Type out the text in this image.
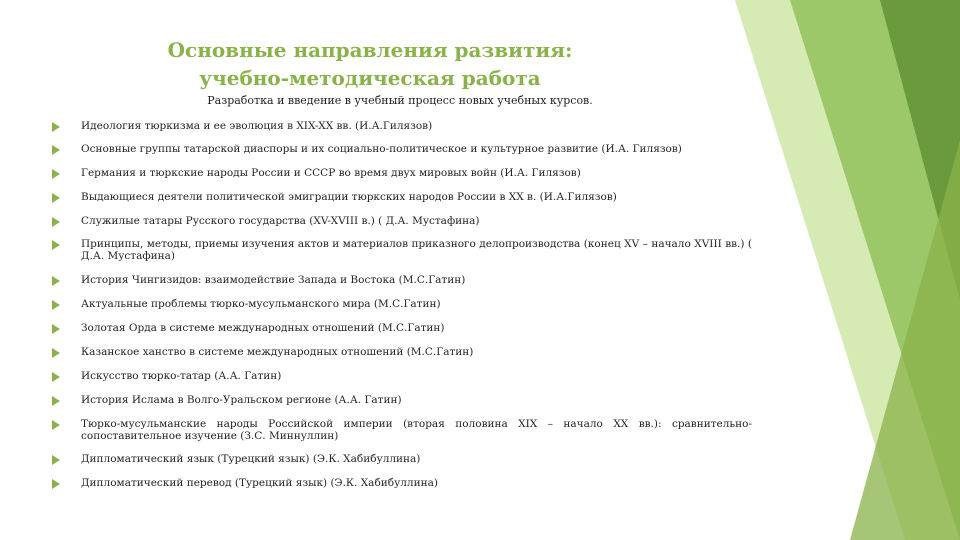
Основные направления развития:
учебно-методическая работа
Разработка и введение в учебный процесс новых учебных курсов.
Идеология тюркизма и ее эволюция в XIX-XX вв. (И.А.Гилязов)
Основные группы татарской диаспоры и их социально-политическое и культурное развитие (И.А. Гилязов)
Германия и тюркские народы России и СССР во время двух мировых войн (И.А. Гилязов)
Выдающиеся деятели политической эмиграции тюркских народов России в XX в. (И.А.Гилязов)
Служилые татары Русского государства (XV-XVIII в.) ( Д.А. Мустафина)
Принципы, методы, приемы изучения актов и материалов приказного делопроизводства (конец XV – начало XVIII вв.) ( Д.А. Мустафина)
История Чингизидов: взаимодействие Запада и Востока (М.С.Гатин)
Актуальные проблемы тюрко-мусульманского мира (М.С.Гатин)
Золотая Орда в системе международных отношений (М.С.Гатин)
Казанское ханство в системе международных отношений (М.С.Гатин)
Искусство тюрко-татар (А.А. Гатин)
История Ислама в Волго-Уральском регионе (А.А. Гатин)
Тюрко-мусульманские народы Российской империи (вторая половина XIX – начало XX вв.): сравнительно-сопоставительное изучение (З.С. Миннуллин)
Дипломатический язык (Турецкий язык) (Э.К. Хабибуллина)
Дипломатический перевод (Турецкий язык) (Э.К. Хабибуллина)
